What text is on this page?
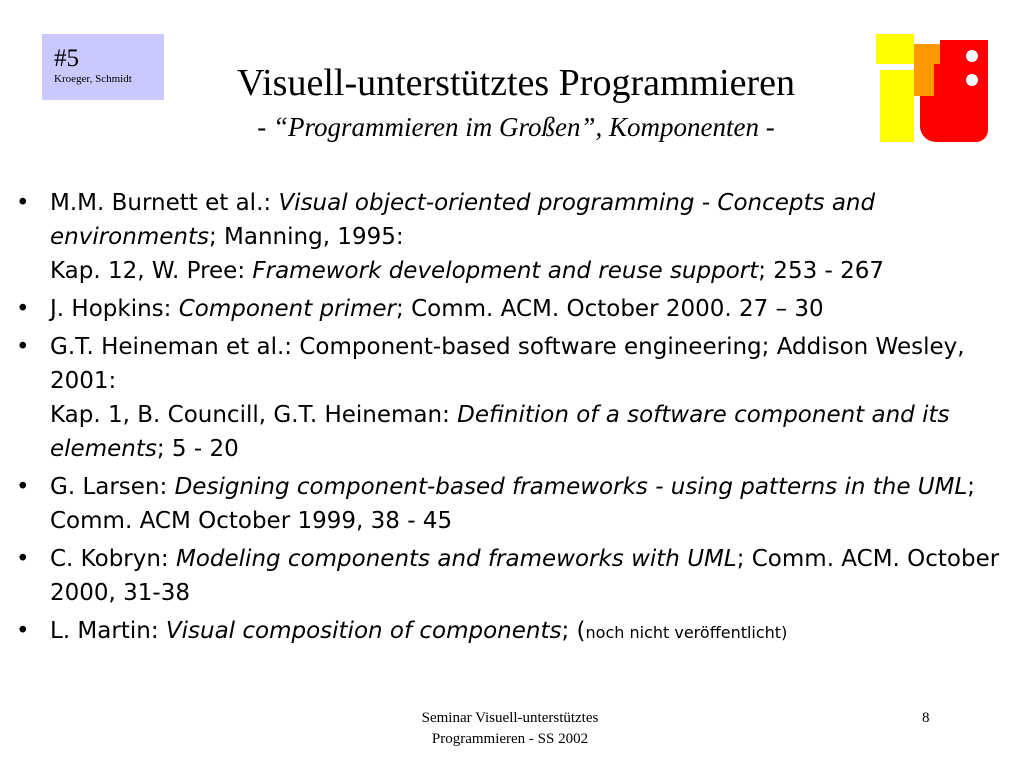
#5
Kroeger, Schmidt	Visuell-unterstütztes Programmieren
- “Programmieren im Großen”, Komponenten -
• M.M. Burnett et al.: Visual object-oriented programming - Concepts and environments; Manning, 1995:
Kap. 12, W. Pree: Framework development and reuse support; 253 - 267
• J. Hopkins: Component primer; Comm. ACM. October 2000. 27 – 30
• G.T. Heineman et al.: Component-based software engineering; Addison Wesley, 2001:
Kap. 1, B. Councill, G.T. Heineman: Definition of a software component and its elements; 5 - 20
• G. Larsen: Designing component-based frameworks - using patterns in the UML; Comm. ACM October 1999, 38 - 45
• C. Kobryn: Modeling components and frameworks with UML; Comm. ACM. October 2000, 31-38
• L. Martin: Visual composition of components; (noch nicht veröffentlicht)
Seminar Visuell-unterstütztes
Programmieren - SS 2002
8
